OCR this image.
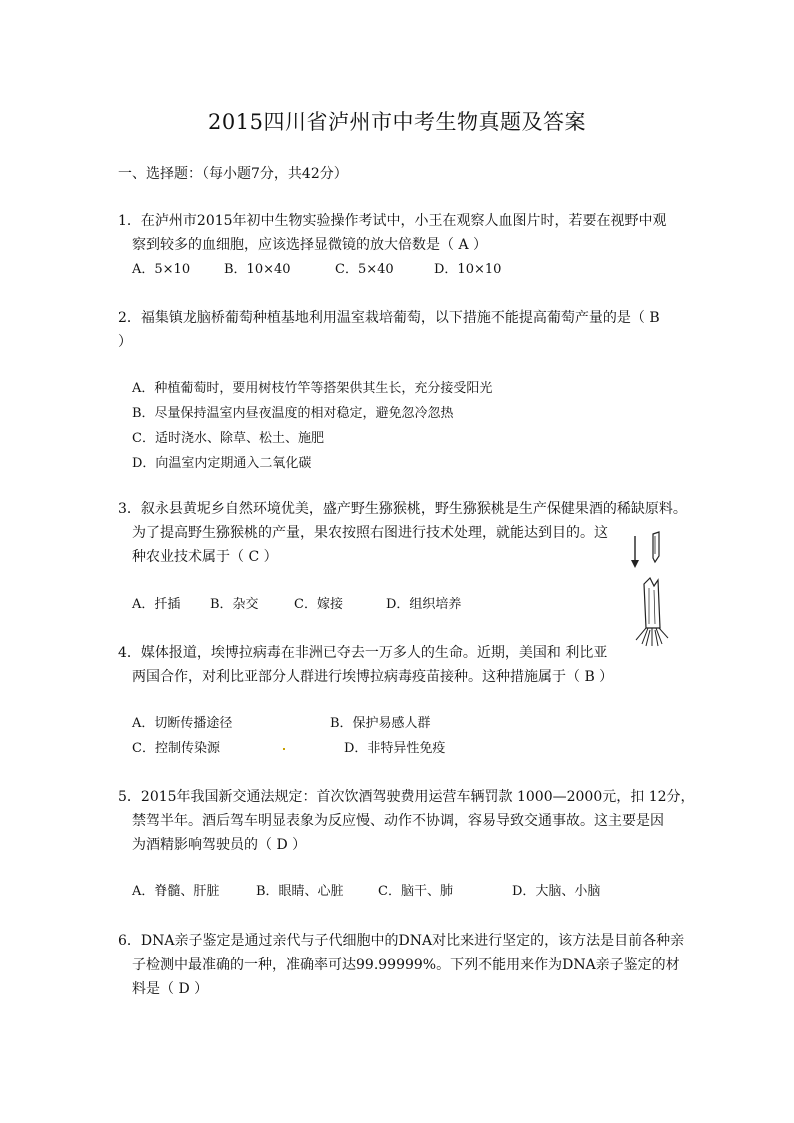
2015四川省泸州市中考生物真题及答案
一、选择题：（每小题7分，共42分）
1．在泸州市2015年初中生物实验操作考试中，小王在观察人血图片时，若要在视野中观
察到较多的血细胞，应该选择显微镜的放大倍数是（ A ）
A．5×10	B．10×40	C．5×40	D．10×10
2．福集镇龙脑桥葡萄种植基地利用温室栽培葡萄，以下措施不能提高葡萄产量的是（ B
）
A．种植葡萄时，要用树枝竹竿等搭架供其生长，充分接受阳光
B．尽量保持温室内昼夜温度的相对稳定，避免忽冷忽热
C．适时浇水、除草、松土、施肥
D．向温室内定期通入二氧化碳
3．叙永县黄坭乡自然环境优美，盛产野生猕猴桃，野生猕猴桃是生产保健果酒的稀缺原料。
为了提高野生猕猴桃的产量，果农按照右图进行技术处理，就能达到目的。这
种农业技术属于（ C ）
A．扦插 B．杂交	C．嫁接	D．组织培养
4．媒体报道，埃博拉病毒在非洲已夺去一万多人的生命。近期，美国和 利比亚
两国合作，对利比亚部分人群进行埃博拉病毒疫苗接种。这种措施属于（ B ）
A．切断传播途径	B．保护易感人群
C．控制传染源	D．非特异性免疫
5．2015年我国新交通法规定：首次饮酒驾驶费用运营车辆罚款 1000—2000元，扣 12分，
禁驾半年。酒后驾车明显表象为反应慢、动作不协调，容易导致交通事故。这主要是因
为酒精影响驾驶员的（ D ）
A．脊髓、肝脏	B．眼睛、心脏	C．脑干、肺	D．大脑、小脑
6．DNA亲子鉴定是通过亲代与子代细胞中的DNA对比来进行坚定的，该方法是目前各种亲
子检测中最准确的一种，准确率可达99.99999%。下列不能用来作为DNA亲子鉴定的材
料是（ D ）
